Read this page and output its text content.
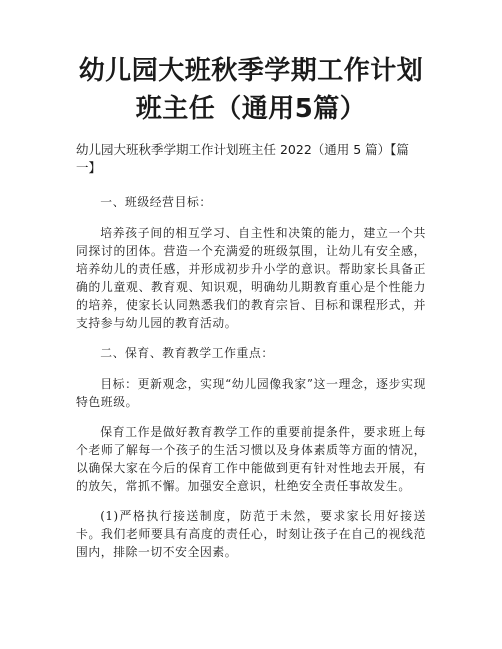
幼儿园大班秋季学期工作计划班主任（通用5篇）
幼儿园大班秋季学期工作计划班主任 2022（通用 5 篇）【篇一】

一、班级经营目标：

培养孩子间的相互学习、自主性和决策的能力，建立一个共同探讨的团体。营造一个充满爱的班级氛围，让幼儿有安全感，培养幼儿的责任感，并形成初步升小学的意识。帮助家长具备正确的儿童观、教育观、知识观，明确幼儿期教育重心是个性能力的培养，使家长认同熟悉我们的教育宗旨、目标和课程形式，并支持参与幼儿园的教育活动。

二、保育、教育教学工作重点：

目标：更新观念，实现“幼儿园像我家”这一理念，逐步实现特色班级。

保育工作是做好教育教学工作的重要前提条件，要求班上每个老师了解每一个孩子的生活习惯以及身体素质等方面的情况，以确保大家在今后的保育工作中能做到更有针对性地去开展，有的放矢，常抓不懈。加强安全意识，杜绝安全责任事故发生。

(1)严格执行接送制度，防范于未然，要求家长用好接送卡。我们老师要具有高度的责任心，时刻让孩子在自己的视线范围内，排除一切不安全因素。
